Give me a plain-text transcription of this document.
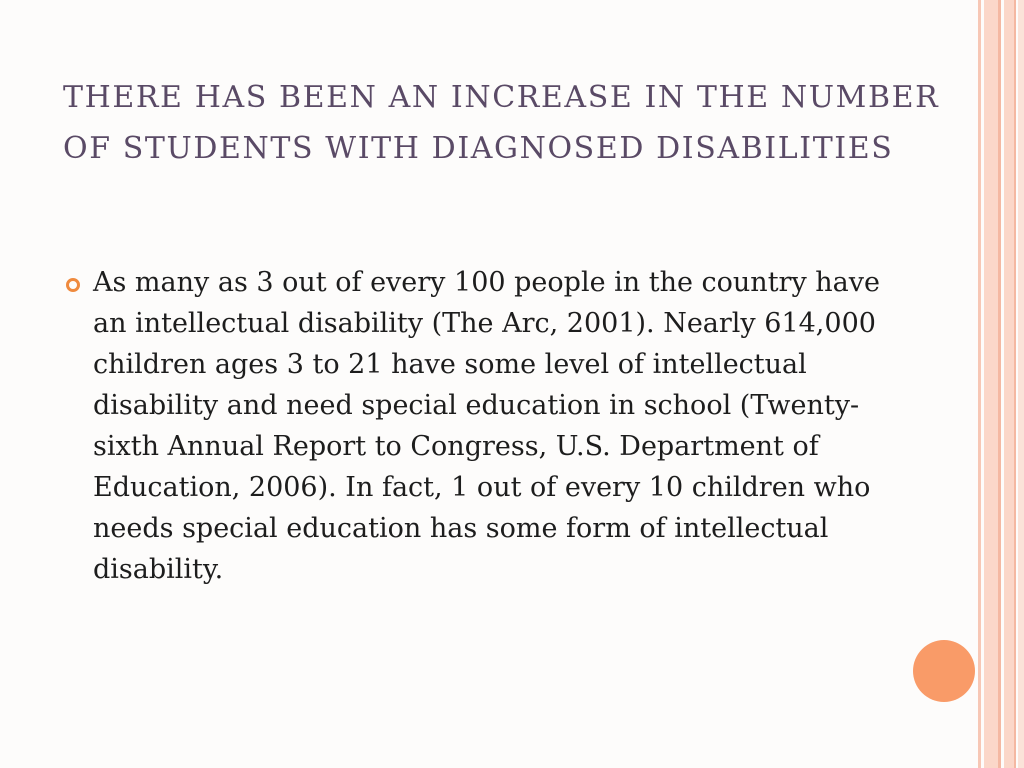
THERE HAS BEEN AN INCREASE IN THE NUMBER OF STUDENTS WITH DIAGNOSED DISABILITIES
As many as 3 out of every 100 people in the country have an intellectual disability (The Arc, 2001). Nearly 614,000 children ages 3 to 21 have some level of intellectual disability and need special education in school (Twenty-sixth Annual Report to Congress, U.S. Department of Education, 2006). In fact, 1 out of every 10 children who needs special education has some form of intellectual disability.
